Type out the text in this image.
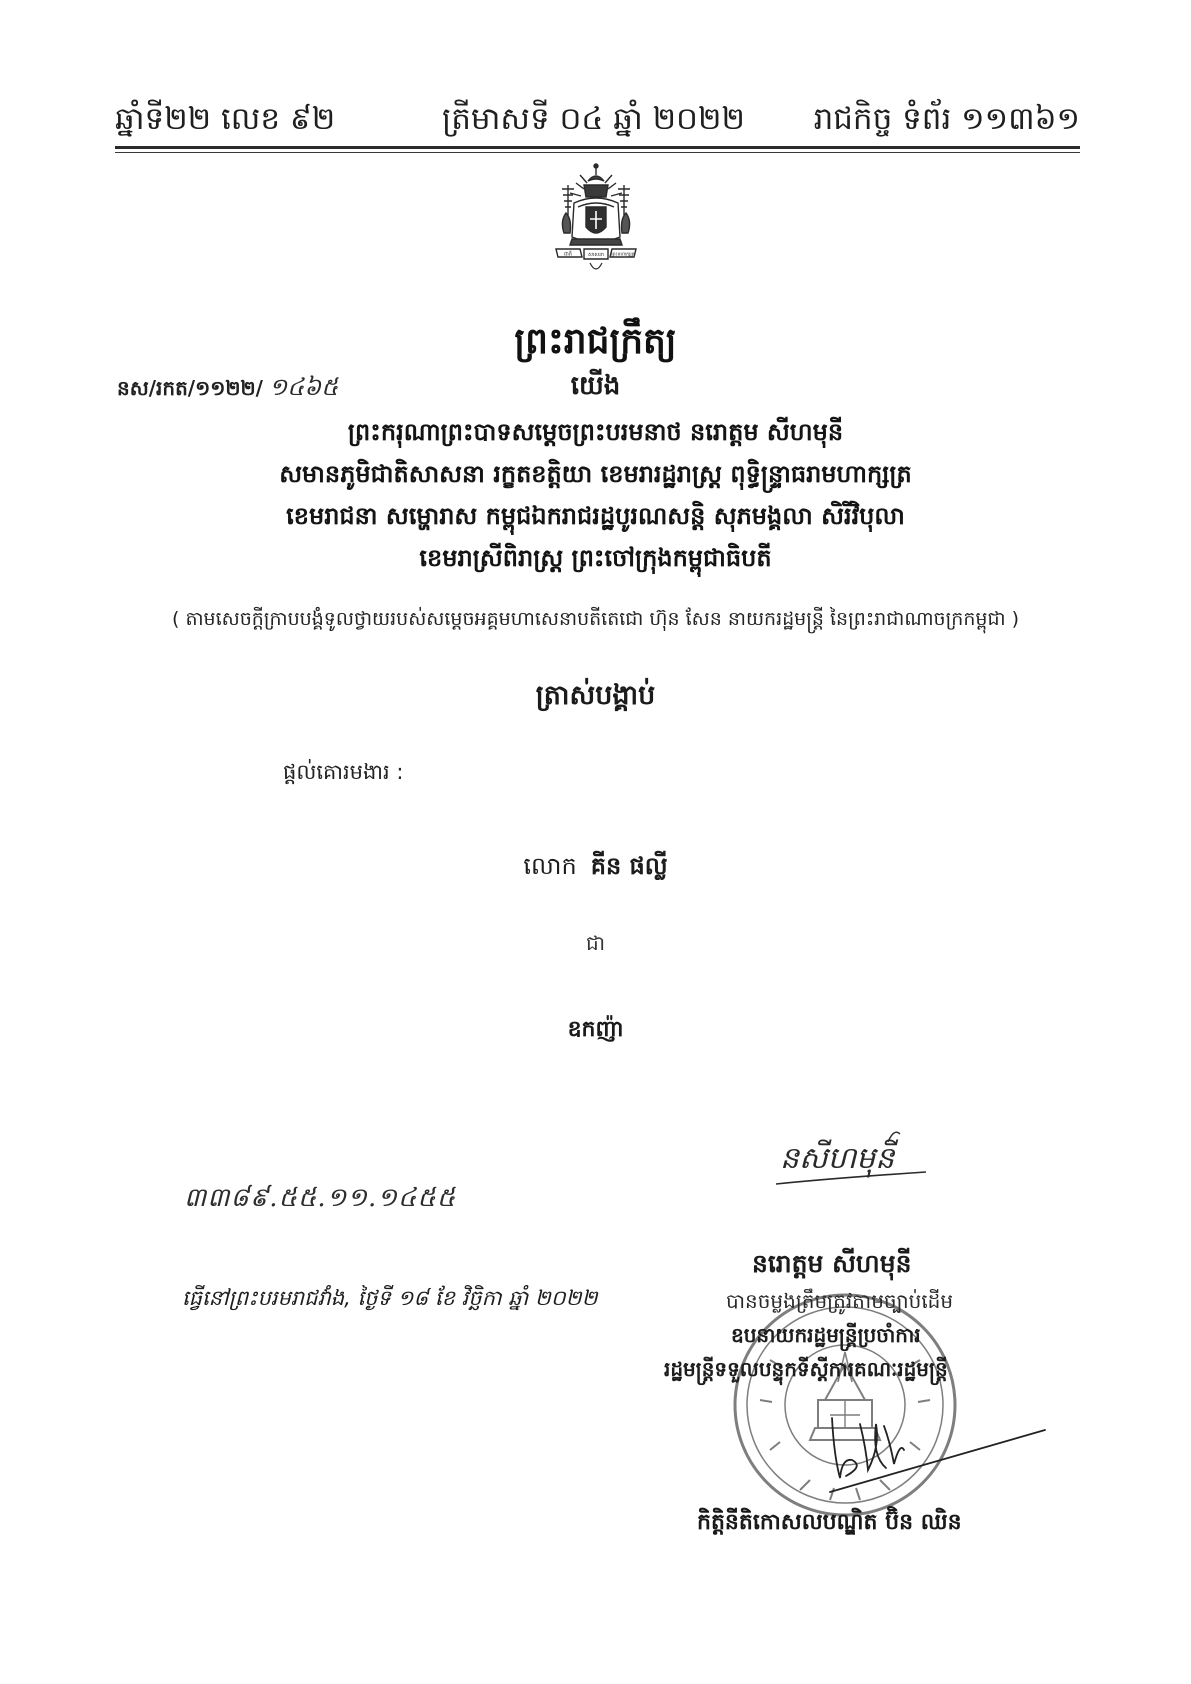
ឆ្នាំទី២២ លេខ ៩២	ត្រីមាសទី ០៤ ឆ្នាំ ២០២២ រាជកិច្ច ទំព័រ ១១៣៦១
ជាតិ	សាសនា ព្រះមហាក្សត្រ
ព្រះរាជក្រឹត្យ
នស/រកត/១១២២/ ១៤៦៥	យើង
ព្រះករុណាព្រះបាទសម្តេចព្រះបរមនាថ នរោត្តម សីហមុនី
សមានភូមិជាតិសាសនា រក្ខតខត្តិយា ខេមរារដ្ឋរាស្ត្រ ពុទ្ធិន្ទ្រាធរាមហាក្សត្រ
ខេមរាជនា សម្ហោរាស កម្ពុជឯករាជរដ្ឋបូរណសន្តិ សុភមង្គលា សិរីវិបុលា
ខេមរាស្រីពិរាស្ត្រ ព្រះចៅក្រុងកម្ពុជាធិបតី
( តាមសេចក្តីក្រាបបង្គំទូលថ្វាយរបស់សម្តេចអគ្គមហាសេនាបតីតេជោ ហ៊ុន សែន នាយករដ្ឋមន្ត្រី នៃព្រះរាជាណាចក្រកម្ពុជា )
ត្រាស់បង្គាប់
ផ្តល់គោរមងារ :
លោក គីន ផល្លី
ជា
ឧកញ៉ា
៣៣៨៩.៥៥.១១.១៤៥៥
នសីហមុនី
នរោត្តម សីហមុនី
ធ្វើនៅព្រះបរមរាជវាំង, ថ្ងៃទី ១៨ ខែ វិច្ឆិកា ឆ្នាំ ២០២២	បានចម្លងត្រឹមត្រូវតាមច្បាប់ដើម
ឧបនាយករដ្ឋមន្ត្រីប្រចាំការ
រដ្ឋមន្ត្រីទទួលបន្ទុកទីស្តីការគណៈរដ្ឋមន្ត្រី
កិត្តិនីតិកោសលបណ្ឌិត ប៊ិន ឈិន
